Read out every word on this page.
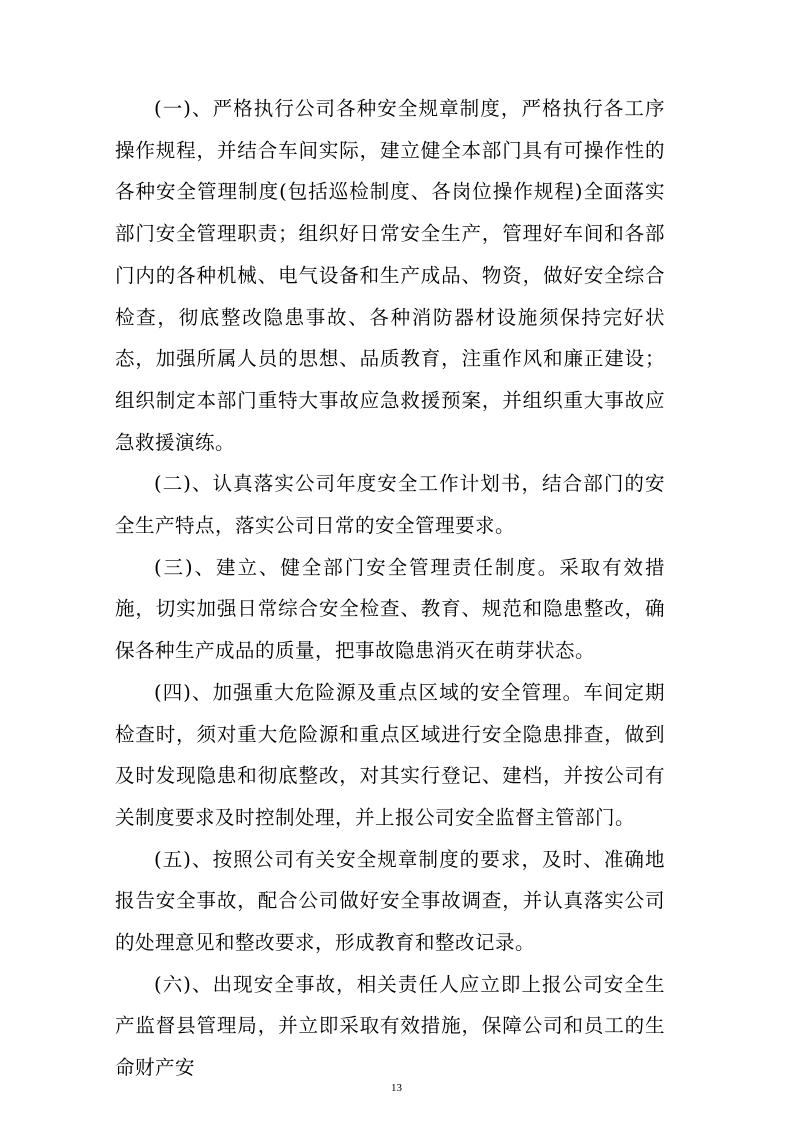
(一)、严格执行公司各种安全规章制度，严格执行各工序操作规程，并结合车间实际，建立健全本部门具有可操作性的各种安全管理制度(包括巡检制度、各岗位操作规程)全面落实部门安全管理职责；组织好日常安全生产，管理好车间和各部门内的各种机械、电气设备和生产成品、物资，做好安全综合检查，彻底整改隐患事故、各种消防器材设施须保持完好状态，加强所属人员的思想、品质教育，注重作风和廉正建设；组织制定本部门重特大事故应急救援预案，并组织重大事故应急救援演练。

(二)、认真落实公司年度安全工作计划书，结合部门的安全生产特点，落实公司日常的安全管理要求。

(三)、建立、健全部门安全管理责任制度。采取有效措施，切实加强日常综合安全检查、教育、规范和隐患整改，确保各种生产成品的质量，把事故隐患消灭在萌芽状态。

(四)、加强重大危险源及重点区域的安全管理。车间定期检查时，须对重大危险源和重点区域进行安全隐患排查，做到及时发现隐患和彻底整改，对其实行登记、建档，并按公司有关制度要求及时控制处理，并上报公司安全监督主管部门。

(五)、按照公司有关安全规章制度的要求，及时、准确地报告安全事故，配合公司做好安全事故调查，并认真落实公司的处理意见和整改要求，形成教育和整改记录。

(六)、出现安全事故，相关责任人应立即上报公司安全生产监督县管理局，并立即采取有效措施，保障公司和员工的生命财产安

13
